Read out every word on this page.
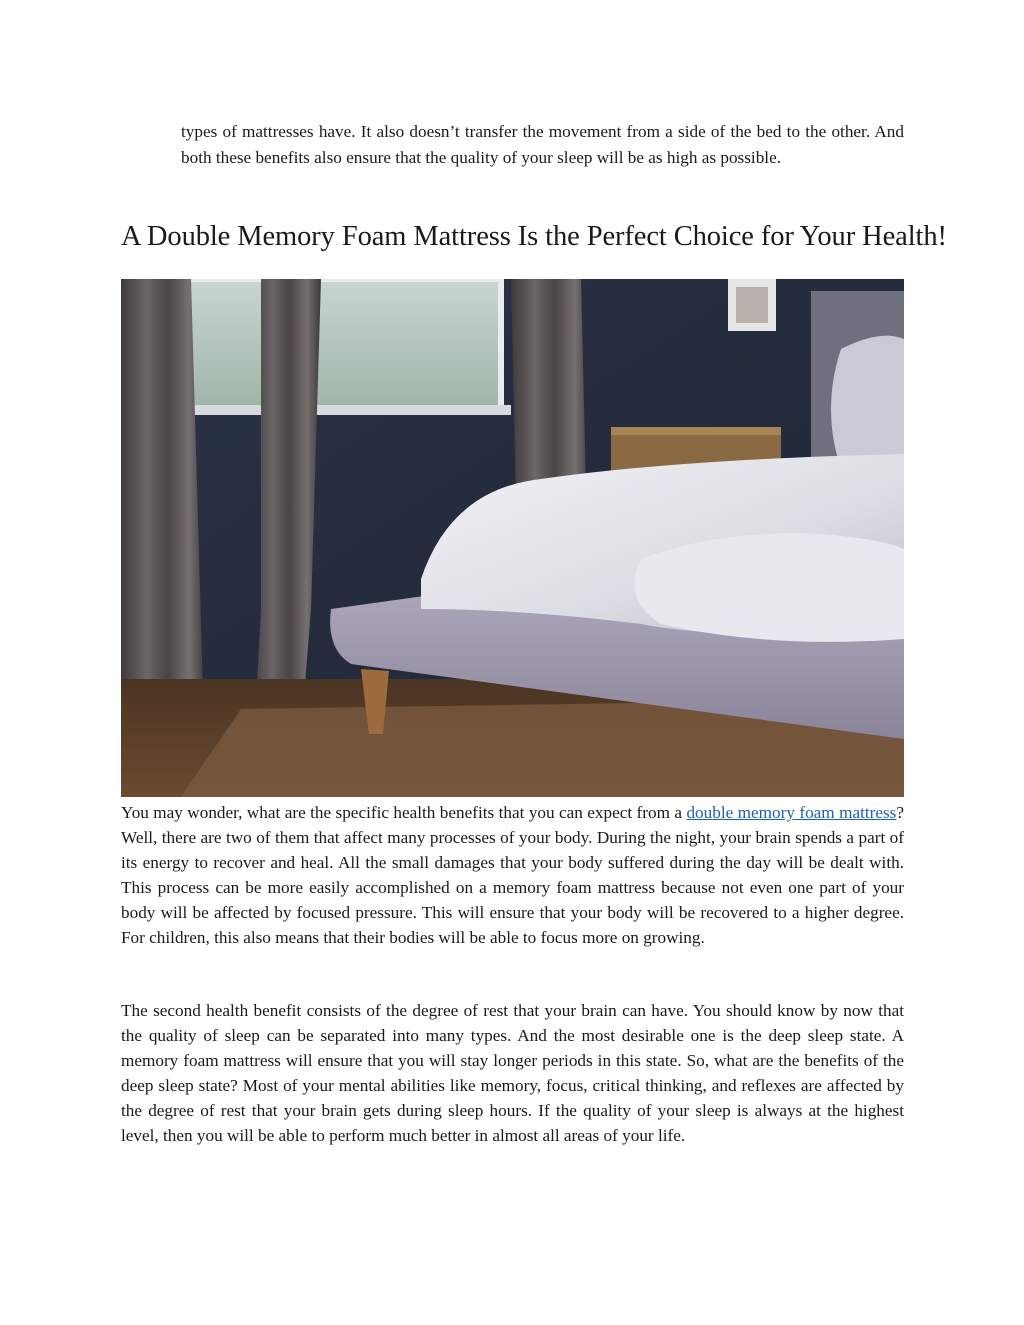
types of mattresses have. It also doesn’t transfer the movement from a side of the bed to the other. And both these benefits also ensure that the quality of your sleep will be as high as possible.

A Double Memory Foam Mattress Is the Perfect Choice for Your Health!

You may wonder, what are the specific health benefits that you can expect from a double memory foam mattress? Well, there are two of them that affect many processes of your body. During the night, your brain spends a part of its energy to recover and heal. All the small damages that your body suffered during the day will be dealt with. This process can be more easily accomplished on a memory foam mattress because not even one part of your body will be affected by focused pressure. This will ensure that your body will be recovered to a higher degree. For children, this also means that their bodies will be able to focus more on growing.

The second health benefit consists of the degree of rest that your brain can have. You should know by now that the quality of sleep can be separated into many types. And the most desirable one is the deep sleep state. A memory foam mattress will ensure that you will stay longer periods in this state. So, what are the benefits of the deep sleep state? Most of your mental abilities like memory, focus, critical thinking, and reflexes are affected by the degree of rest that your brain gets during sleep hours. If the quality of your sleep is always at the highest level, then you will be able to perform much better in almost all areas of your life.
